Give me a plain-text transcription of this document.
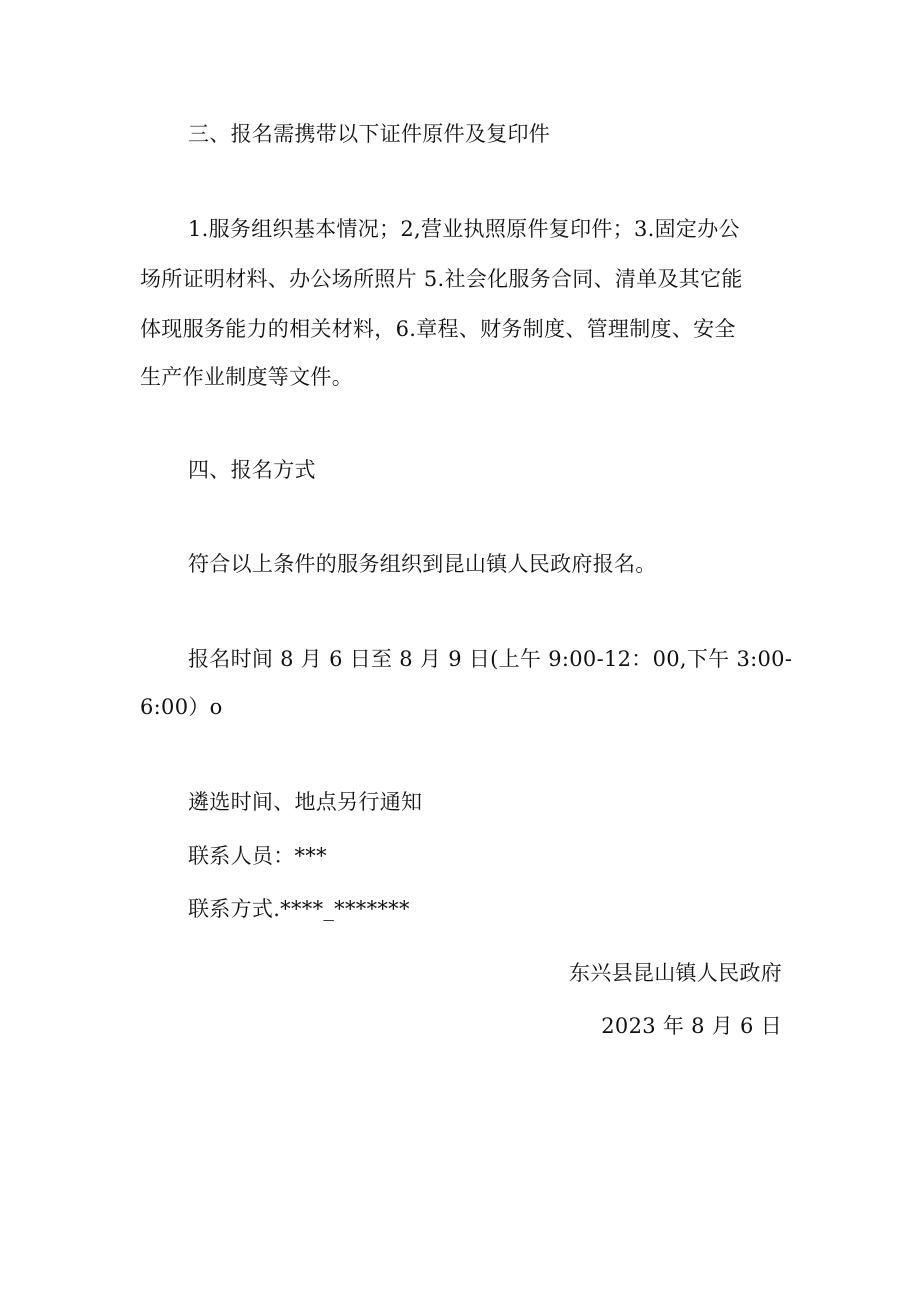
三、报名需携带以下证件原件及复印件
1.服务组织基本情况；2,营业执照原件复印件；3.固定办公
场所证明材料、办公场所照片 5.社会化服务合同、清单及其它能
体现服务能力的相关材料，6.章程、财务制度、管理制度、安全
生产作业制度等文件。
四、报名方式
符合以上条件的服务组织到昆山镇人民政府报名。
报名时间 8 月 6 日至 8 月 9 日(上午 9:00-12：00,下午 3:00-
6:00）o
遴选时间、地点另行通知
联系人员：***
联系方式.****_*******
东兴县昆山镇人民政府
2023 年 8 月 6 日
